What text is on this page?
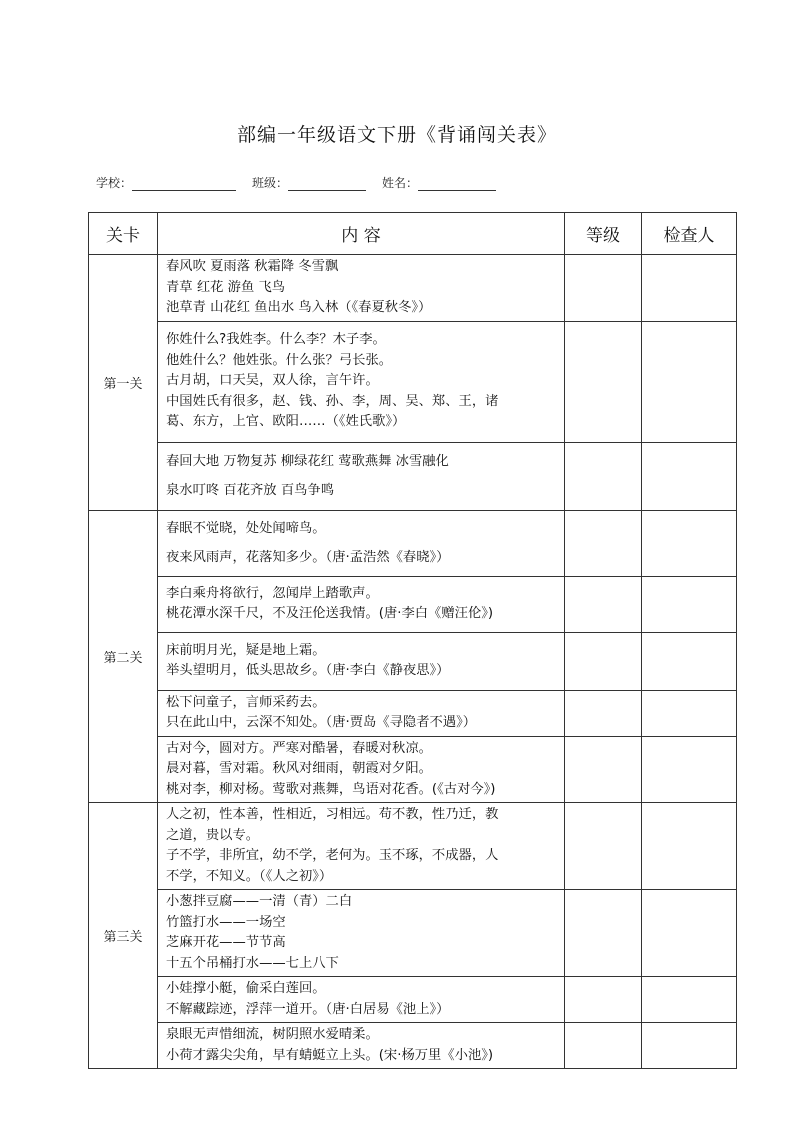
部编一年级语文下册《背诵闯关表》
学校：	班级：	姓名：
关卡	内 容	等级	检查人
第一关	春风吹 夏雨落 秋霜降 冬雪飘
青草 红花 游鱼 飞鸟
池草青 山花红 鱼出水 鸟入林（《春夏秋冬》）		

	你姓什么?我姓李。什么李？木子李。
他姓什么？他姓张。什么张？弓长张。
古月胡，口天吴，双人徐，言午许。
中国姓氏有很多，赵、钱、孙、李，周、吴、郑、王，诸
葛、东方，上官、欧阳……（《姓氏歌》）		

	春回大地 万物复苏 柳绿花红 莺歌燕舞 冰雪融化
泉水叮咚 百花齐放 百鸟争鸣		

第二关	春眠不觉晓，处处闻啼鸟。
夜来风雨声，花落知多少。（唐·孟浩然《春晓》）		

	李白乘舟将欲行，忽闻岸上踏歌声。
桃花潭水深千尺，不及汪伦送我情。(唐·李白《赠汪伦》)		

	床前明月光，疑是地上霜。
举头望明月，低头思故乡。（唐·李白《静夜思》）		

	松下问童子，言师采药去。
只在此山中，云深不知处。（唐·贾岛《寻隐者不遇》）		

	古对今，圆对方。严寒对酷暑，春暖对秋凉。
晨对暮，雪对霜。秋风对细雨，朝霞对夕阳。
桃对李，柳对杨。莺歌对燕舞，鸟语对花香。(《古对今》)		

第三关	人之初，性本善，性相近，习相远。苟不教，性乃迁，教
之道，贵以专。
子不学，非所宜，幼不学，老何为。玉不琢，不成器，人
不学，不知义。（《人之初》）		

	小葱拌豆腐——一清（青）二白
竹篮打水——一场空
芝麻开花——节节高
十五个吊桶打水——七上八下		

	小娃撑小艇，偷采白莲回。
不解藏踪迹，浮萍一道开。（唐·白居易《池上》）		

	泉眼无声惜细流，树阴照水爱晴柔。
小荷才露尖尖角，早有蜻蜓立上头。(宋·杨万里《小池》)		
